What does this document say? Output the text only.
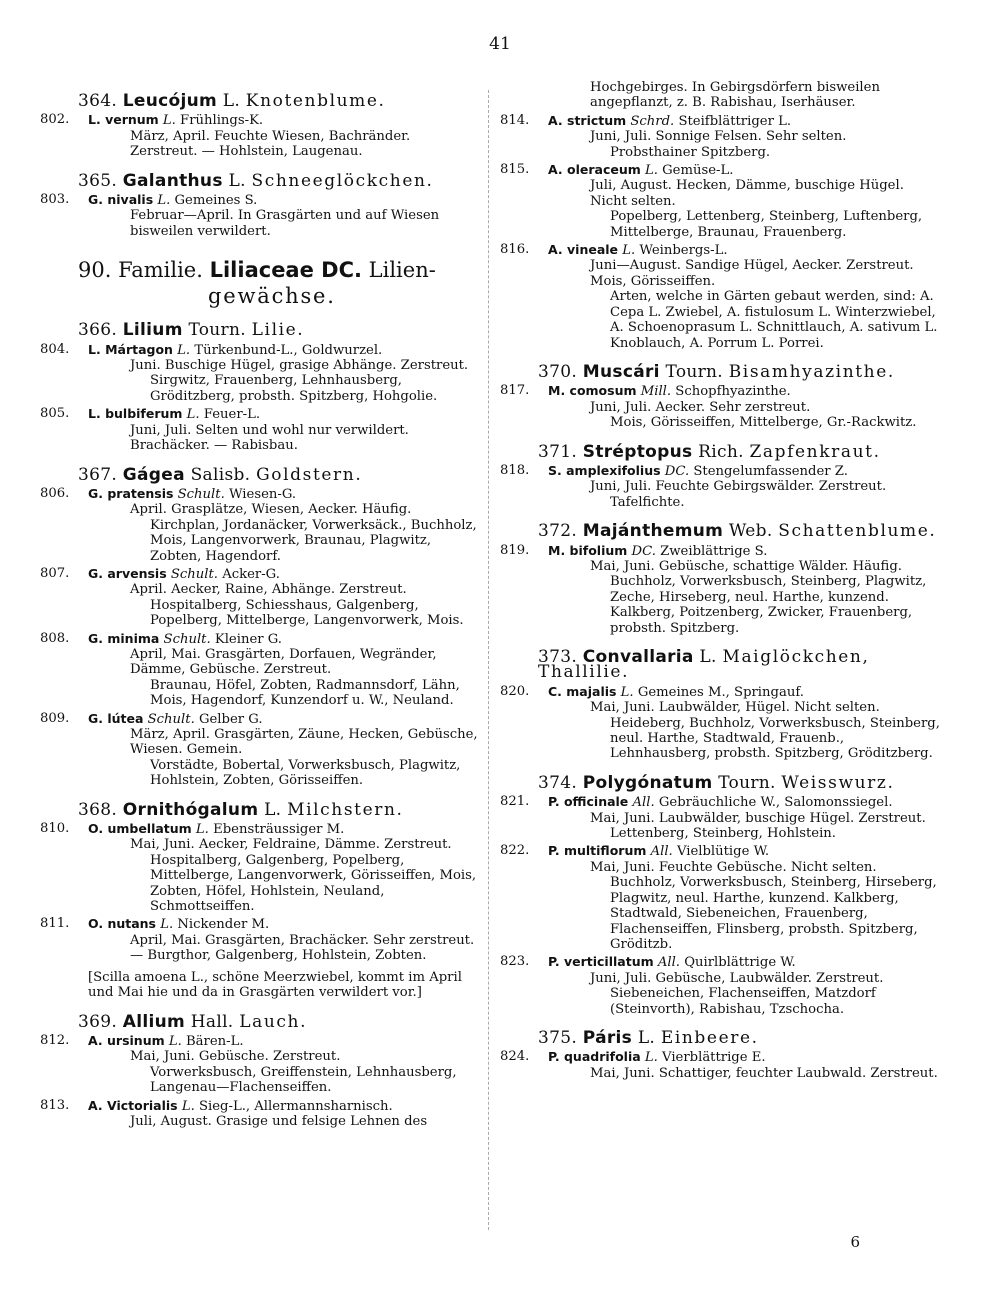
41
364. Leucójum L. Knotenblume.
802. L. vernum L. Frühlings-K.
März, April. Feuchte Wiesen, Bachränder. Zerstreut. — Hohlstein, Laugenau.
365. Galanthus L. Schneeglöckchen.
803. G. nivalis L. Gemeines S.
Februar—April. In Grasgärten und auf Wiesen bisweilen verwildert.
90. Familie. Liliaceae DC. Lilien-
gewächse.
366. Lilium Tourn. Lilie.
804. L. Mártagon L. Türkenbund-L., Goldwurzel.
Juni. Buschige Hügel, grasige Abhänge. Zerstreut.
Sirgwitz, Frauenberg, Lehnhausberg, Gröditzberg, probsth. Spitzberg, Hohgolie.
805. L. bulbiferum L. Feuer-L.
Juni, Juli. Selten und wohl nur verwildert. Brachäcker. — Rabisbau.
367. Gágea Salisb. Goldstern.
806. G. pratensis Schult. Wiesen-G.
April. Grasplätze, Wiesen, Aecker. Häufig.
Kirchplan, Jordanäcker, Vorwerksäck., Buchholz, Mois, Langenvorwerk, Braunau, Plagwitz, Zobten, Hagendorf.
807. G. arvensis Schult. Acker-G.
April. Aecker, Raine, Abhänge. Zerstreut.
Hospitalberg, Schiesshaus, Galgenberg, Popelberg, Mittelberge, Langenvorwerk, Mois.
808. G. minima Schult. Kleiner G.
April, Mai. Grasgärten, Dorfauen, Wegränder, Dämme, Gebüsche. Zerstreut.
Braunau, Höfel, Zobten, Radmannsdorf, Lähn, Mois, Hagendorf, Kunzendorf u. W., Neuland.
809. G. lútea Schult. Gelber G.
März, April. Grasgärten, Zäune, Hecken, Gebüsche, Wiesen. Gemein.
Vorstädte, Bobertal, Vorwerksbusch, Plagwitz, Hohlstein, Zobten, Görisseiffen.
368. Ornithógalum L. Milchstern.
810. O. umbellatum L. Ebensträussiger M.
Mai, Juni. Aecker, Feldraine, Dämme. Zerstreut.
Hospitalberg, Galgenberg, Popelberg, Mittelberge, Langenvorwerk, Görisseiffen, Mois, Zobten, Höfel, Hohlstein, Neuland, Schmottseiffen.
811. O. nutans L. Nickender M.
April, Mai. Grasgärten, Brachäcker. Sehr zerstreut. — Burgthor, Galgenberg, Hohlstein, Zobten.
[Scilla amoena L., schöne Meerzwiebel, kommt im April und Mai hie und da in Grasgärten verwildert vor.]
369. Allium Hall. Lauch.
812. A. ursinum L. Bären-L.
Mai, Juni. Gebüsche. Zerstreut.
Vorwerksbusch, Greiffenstein, Lehnhausberg, Langenau—Flachenseiffen.
813. A. Victorialis L. Sieg-L., Allermannsharnisch.
Juli, August. Grasige und felsige Lehnen des
Hochgebirges. In Gebirgsdörfern bisweilen angepflanzt, z. B. Rabishau, Iserhäuser.
814. A. strictum Schrd. Steifblättriger L.
Juni, Juli. Sonnige Felsen. Sehr selten.
Probsthainer Spitzberg.
815. A. oleraceum L. Gemüse-L.
Juli, August. Hecken, Dämme, buschige Hügel. Nicht selten.
Popelberg, Lettenberg, Steinberg, Luftenberg, Mittelberge, Braunau, Frauenberg.
816. A. vineale L. Weinbergs-L.
Juni—August. Sandige Hügel, Aecker. Zerstreut. Mois, Görisseiffen.
Arten, welche in Gärten gebaut werden, sind: A. Cepa L. Zwiebel, A. fistulosum L. Winterzwiebel, A. Schoenoprasum L. Schnittlauch, A. sativum L. Knoblauch, A. Porrum L. Porrei.
370. Muscári Tourn. Bisamhyazinthe.
817. M. comosum Mill. Schopfhyazinthe.
Juni, Juli. Aecker. Sehr zerstreut.
Mois, Görisseiffen, Mittelberge, Gr.-Rackwitz.
371. Stréptopus Rich. Zapfenkraut.
818. S. amplexifolius DC. Stengelumfassender Z.
Juni, Juli. Feuchte Gebirgswälder. Zerstreut.
Tafelfichte.
372. Majánthemum Web. Schattenblume.
819. M. bifolium DC. Zweiblättrige S.
Mai, Juni. Gebüsche, schattige Wälder. Häufig.
Buchholz, Vorwerksbusch, Steinberg, Plagwitz, Zeche, Hirseberg, neul. Harthe, kunzend. Kalkberg, Poitzenberg, Zwicker, Frauenberg, probsth. Spitzberg.
373. Convallaria L. Maiglöckchen, Thallilie.
820. C. majalis L. Gemeines M., Springauf.
Mai, Juni. Laubwälder, Hügel. Nicht selten.
Heideberg, Buchholz, Vorwerksbusch, Steinberg, neul. Harthe, Stadtwald, Frauenb., Lehnhausberg, probsth. Spitzberg, Gröditzberg.
374. Polygónatum Tourn. Weisswurz.
821. P. officinale All. Gebräuchliche W., Salomonssiegel.
Mai, Juni. Laubwälder, buschige Hügel. Zerstreut.
Lettenberg, Steinberg, Hohlstein.
822. P. multiflorum All. Vielblütige W.
Mai, Juni. Feuchte Gebüsche. Nicht selten.
Buchholz, Vorwerksbusch, Steinberg, Hirseberg, Plagwitz, neul. Harthe, kunzend. Kalkberg, Stadtwald, Siebeneichen, Frauenberg, Flachenseiffen, Flinsberg, probsth. Spitzberg, Gröditzb.
823. P. verticillatum All. Quirlblättrige W.
Juni, Juli. Gebüsche, Laubwälder. Zerstreut.
Siebeneichen, Flachenseiffen, Matzdorf (Steinvorth), Rabishau, Tzschocha.
375. Páris L. Einbeere.
824. P. quadrifolia L. Vierblättrige E.
Mai, Juni. Schattiger, feuchter Laubwald. Zerstreut.
6
